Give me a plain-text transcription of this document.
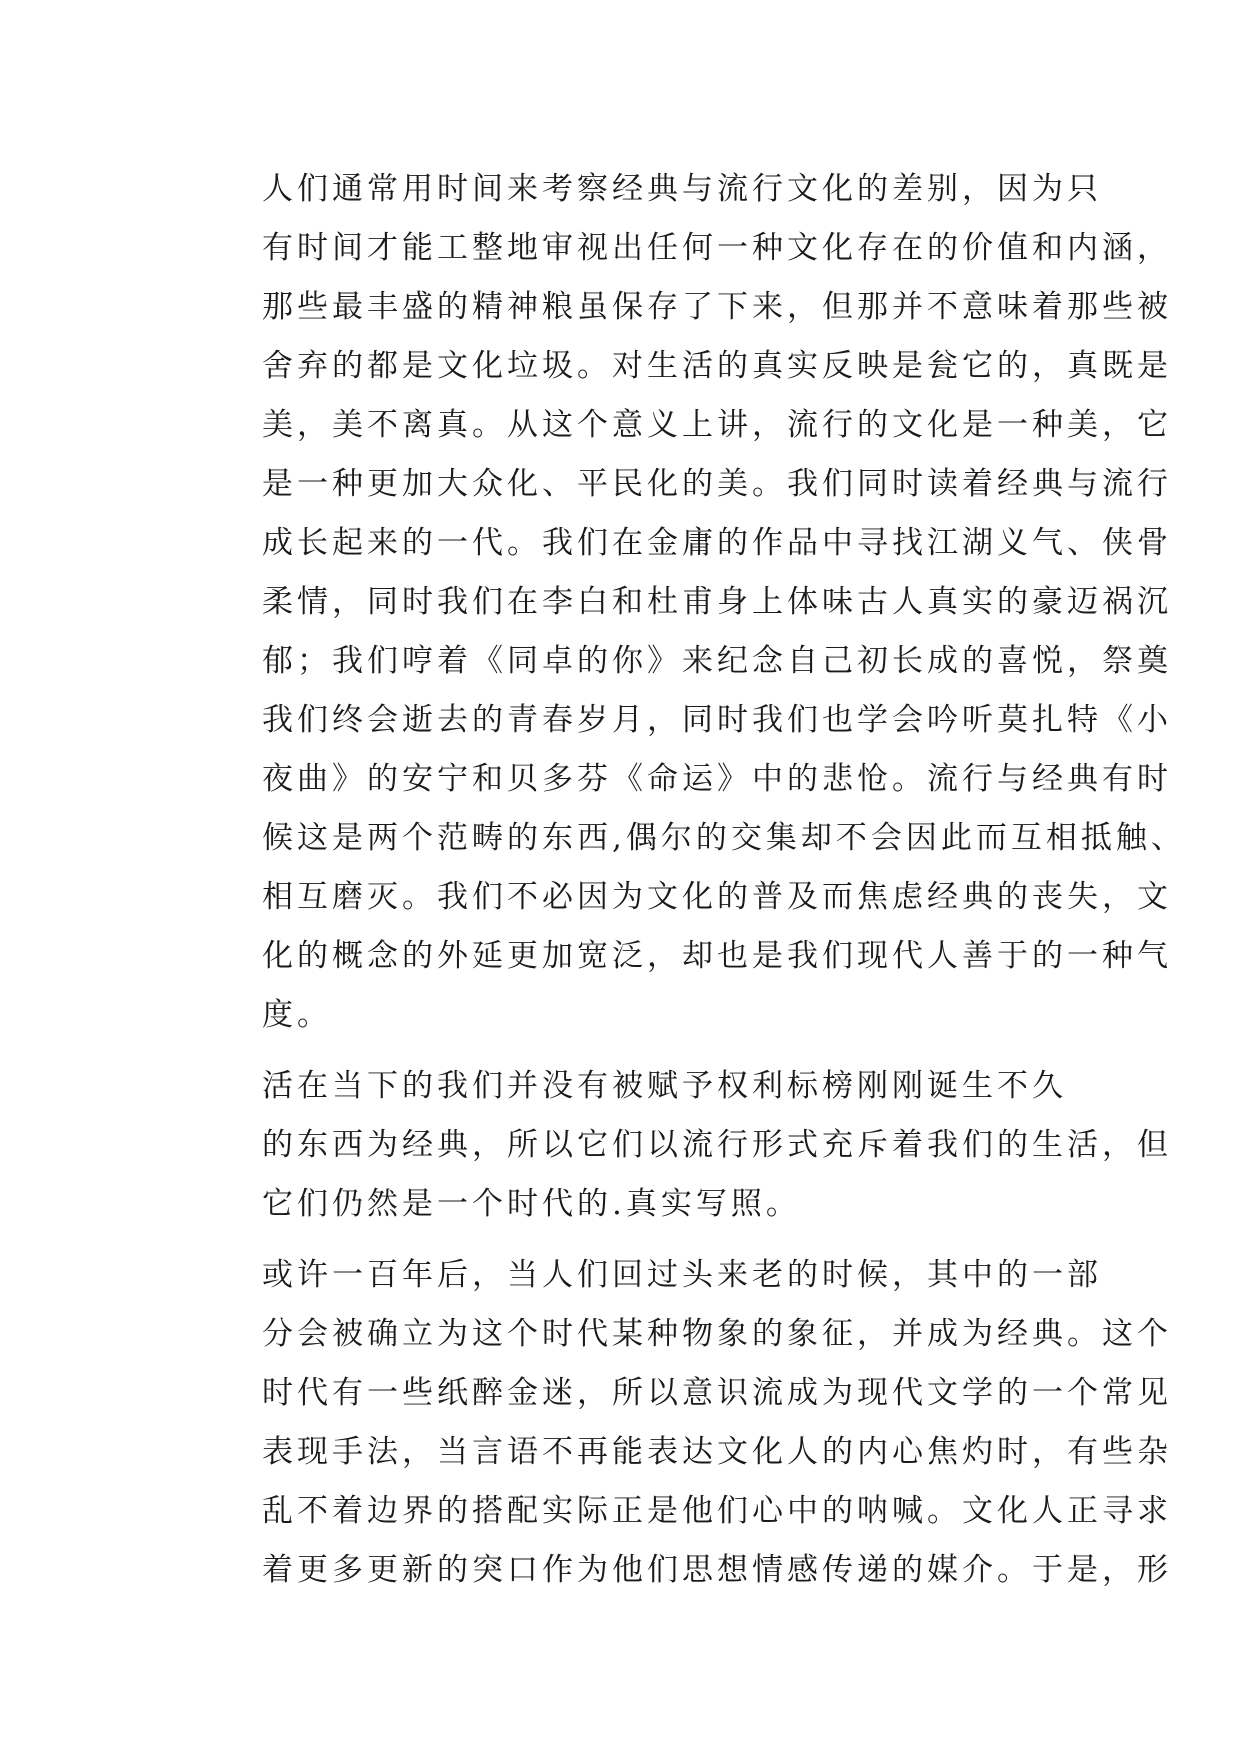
人们通常用时间来考察经典与流行文化的差别，因为只
有时间才能工整地审视出任何一种文化存在的价值和内涵，
那些最丰盛的精神粮虽保存了下来，但那并不意味着那些被
舍弃的都是文化垃圾。对生活的真实反映是瓮它的，真既是
美，美不离真。从这个意义上讲，流行的文化是一种美，它
是一种更加大众化、平民化的美。我们同时读着经典与流行
成长起来的一代。我们在金庸的作品中寻找江湖义气、侠骨
柔情，同时我们在李白和杜甫身上体味古人真实的豪迈祸沉
郁；我们哼着《同卓的你》来纪念自己初长成的喜悦，祭奠
我们终会逝去的青春岁月，同时我们也学会吟听莫扎特《小
夜曲》的安宁和贝多芬《命运》中的悲怆。流行与经典有时
候这是两个范畴的东西,偶尔的交集却不会因此而互相抵触、
相互磨灭。我们不必因为文化的普及而焦虑经典的丧失，文
化的概念的外延更加宽泛，却也是我们现代人善于的一种气
度。

活在当下的我们并没有被赋予权利标榜刚刚诞生不久
的东西为经典，所以它们以流行形式充斥着我们的生活，但
它们仍然是一个时代的.真实写照。

或许一百年后，当人们回过头来老的时候，其中的一部
分会被确立为这个时代某种物象的象征，并成为经典。这个
时代有一些纸醉金迷，所以意识流成为现代文学的一个常见
表现手法，当言语不再能表达文化人的内心焦灼时，有些杂
乱不着边界的搭配实际正是他们心中的呐喊。文化人正寻求
着更多更新的突口作为他们思想情感传递的媒介。于是，形
